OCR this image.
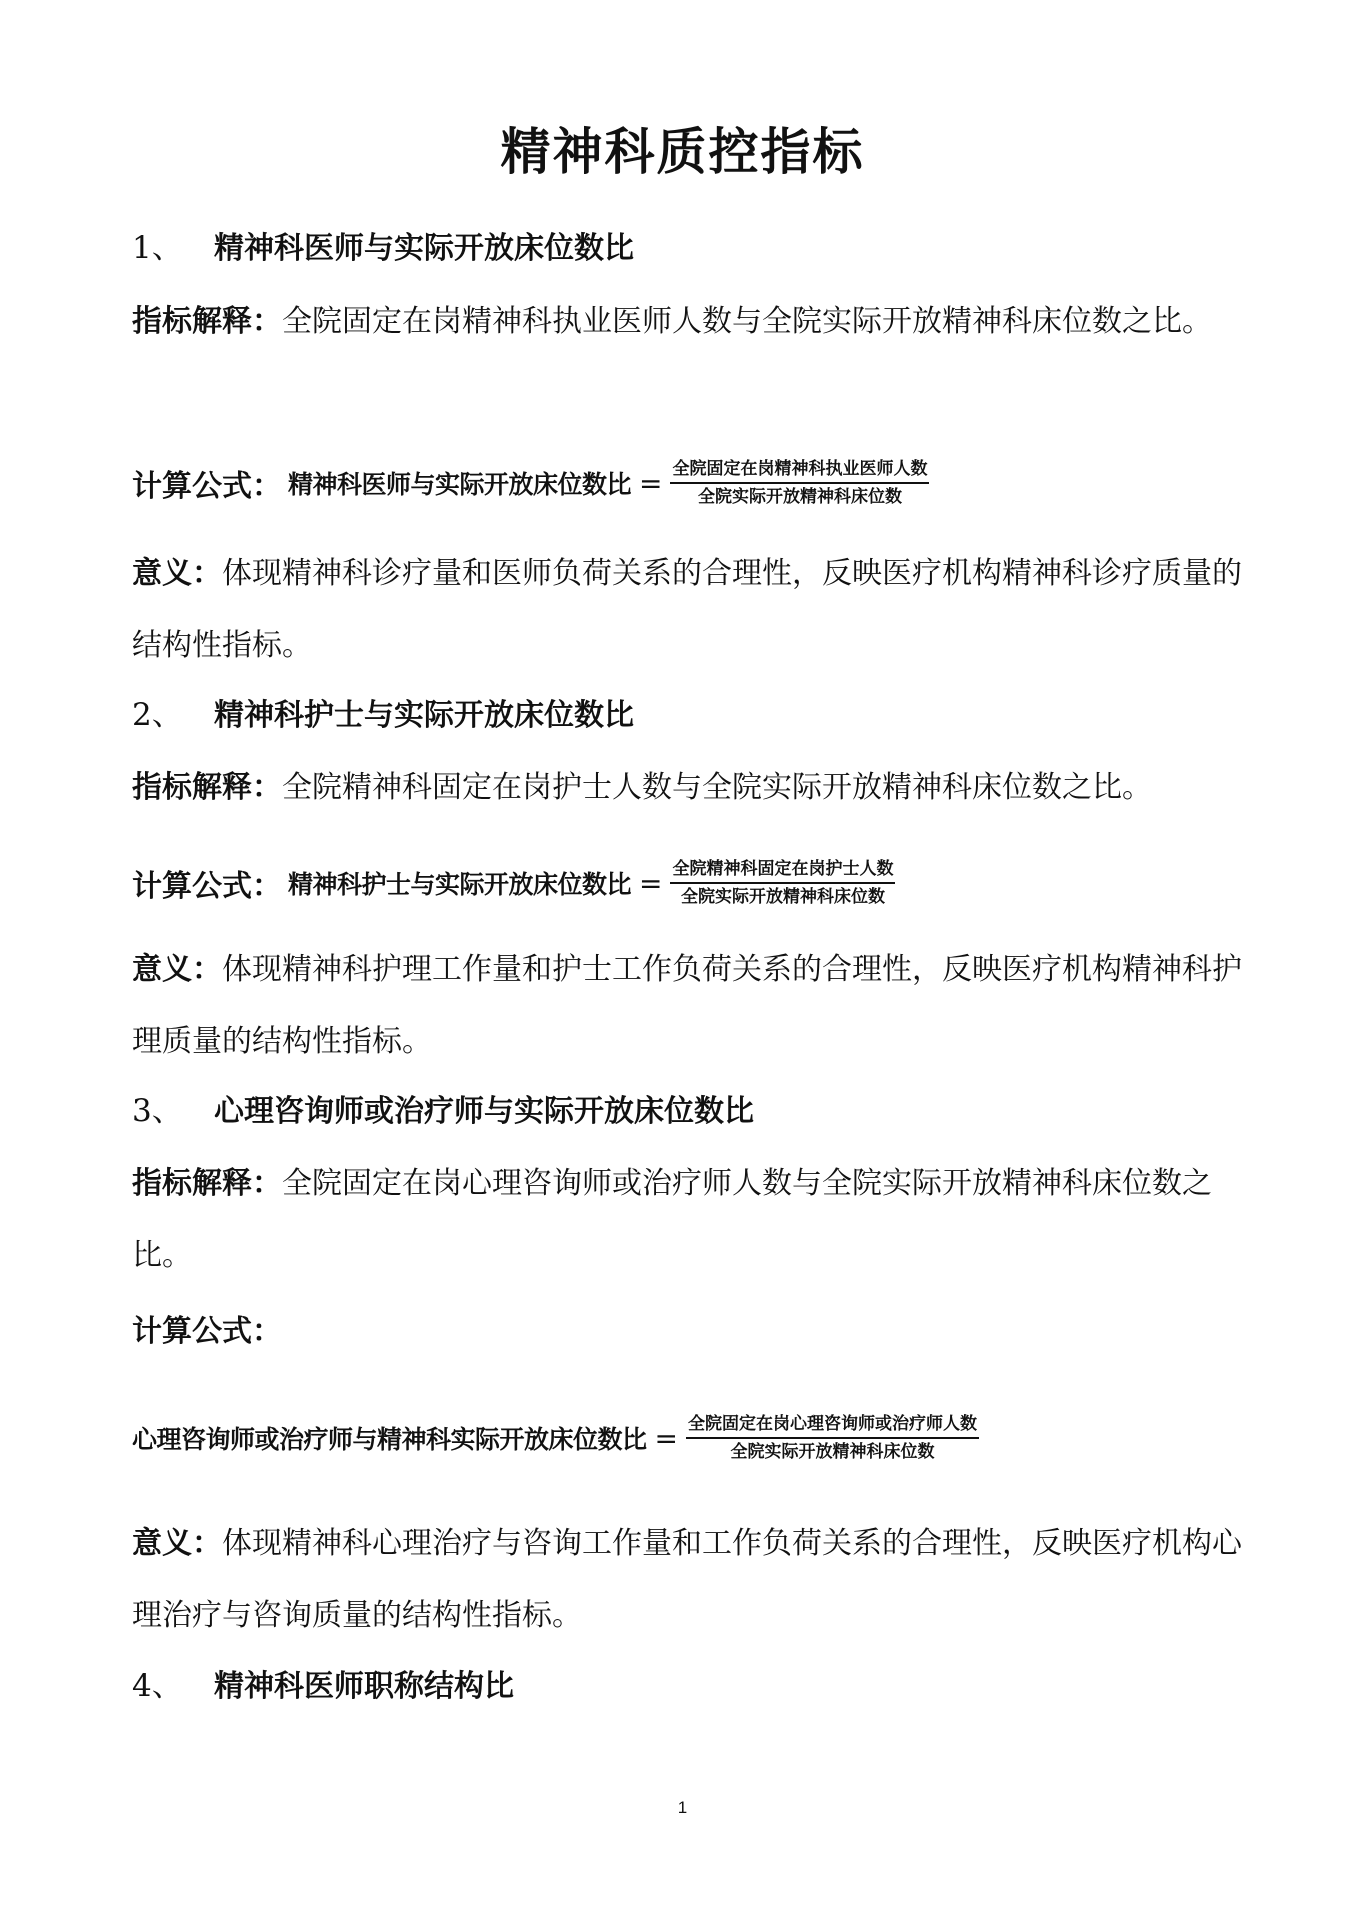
精神科质控指标
1、 精神科医师与实际开放床位数比
指标解释：全院固定在岗精神科执业医师人数与全院实际开放精神科床位数之比。
计算公式： 精神科医师与实际开放床位数比 = $\frac{\text{全院固定在岗精神科执业医师人数}}{\text{全院实际开放精神科床位数}}$
意义：体现精神科诊疗量和医师负荷关系的合理性，反映医疗机构精神科诊疗质量的结构性指标。
2、 精神科护士与实际开放床位数比
指标解释：全院精神科固定在岗护士人数与全院实际开放精神科床位数之比。
计算公式： 精神科护士与实际开放床位数比 = $\frac{\text{全院精神科固定在岗护士人数}}{\text{全院实际开放精神科床位数}}$
意义：体现精神科护理工作量和护士工作负荷关系的合理性，反映医疗机构精神科护理质量的结构性指标。
3、 心理咨询师或治疗师与实际开放床位数比
指标解释：全院固定在岗心理咨询师或治疗师人数与全院实际开放精神科床位数之比。
计算公式：
心理咨询师或治疗师与精神科实际开放床位数比 = $\frac{\text{全院固定在岗心理咨询师或治疗师人数}}{\text{全院实际开放精神科床位数}}$
意义：体现精神科心理治疗与咨询工作量和工作负荷关系的合理性，反映医疗机构心理治疗与咨询质量的结构性指标。
4、 精神科医师职称结构比
1
